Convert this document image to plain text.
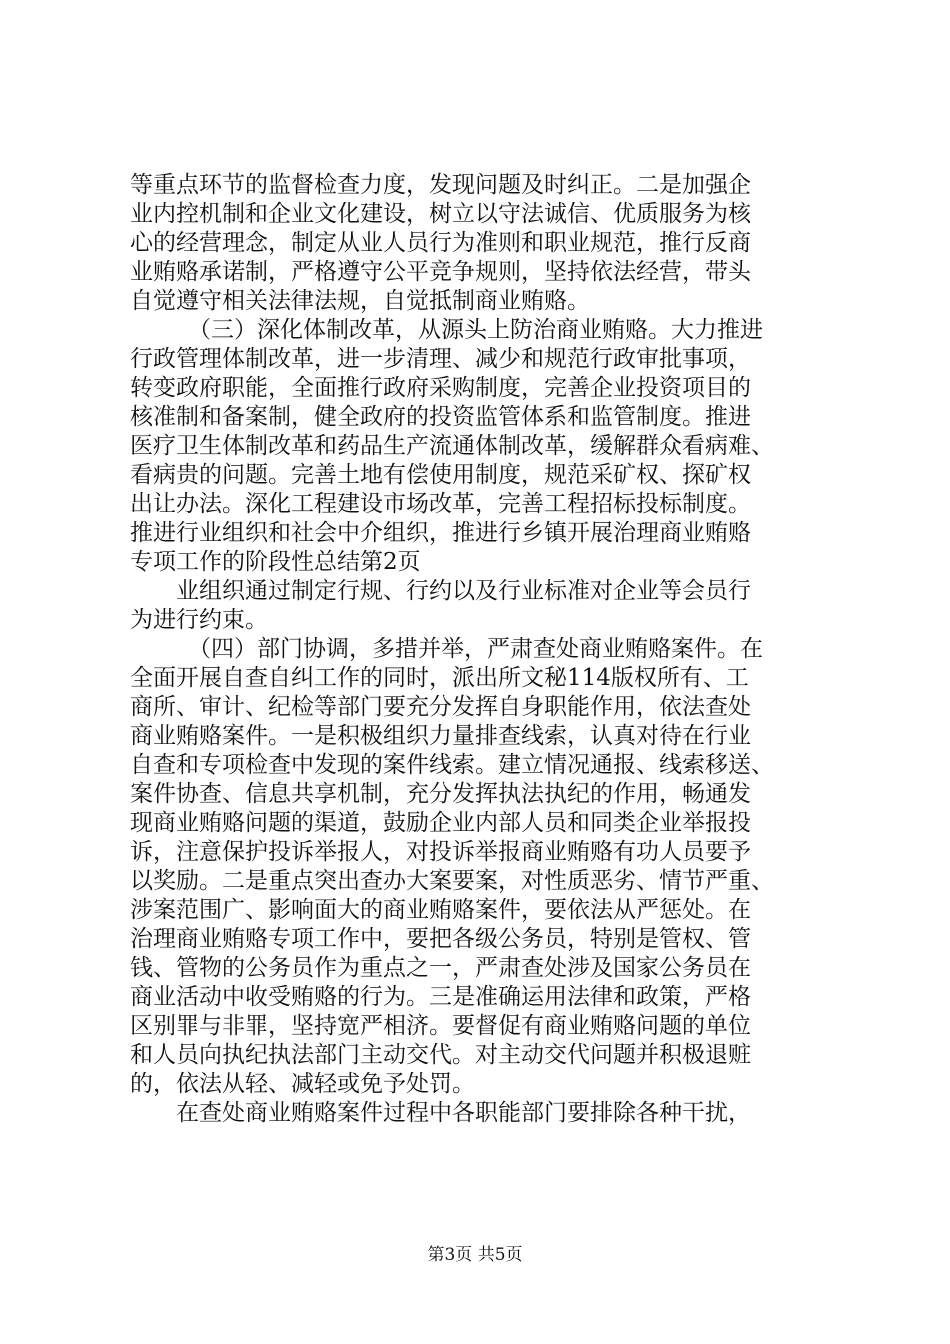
等重点环节的监督检查力度，发现问题及时纠正。二是加强企
业内控机制和企业文化建设，树立以守法诚信、优质服务为核
心的经营理念，制定从业人员行为准则和职业规范，推行反商
业贿赂承诺制，严格遵守公平竞争规则，坚持依法经营，带头
自觉遵守相关法律法规，自觉抵制商业贿赂。
（三）深化体制改革，从源头上防治商业贿赂。大力推进
行政管理体制改革，进一步清理、减少和规范行政审批事项，
转变政府职能，全面推行政府采购制度，完善企业投资项目的
核准制和备案制，健全政府的投资监管体系和监管制度。推进
医疗卫生体制改革和药品生产流通体制改革，缓解群众看病难、
看病贵的问题。完善土地有偿使用制度，规范采矿权、探矿权
出让办法。深化工程建设市场改革，完善工程招标投标制度。
推进行业组织和社会中介组织，推进行乡镇开展治理商业贿赂
专项工作的阶段性总结第2页
业组织通过制定行规、行约以及行业标准对企业等会员行
为进行约束。
（四）部门协调，多措并举，严肃查处商业贿赂案件。在
全面开展自查自纠工作的同时，派出所文秘114版权所有、工
商所、审计、纪检等部门要充分发挥自身职能作用，依法查处
商业贿赂案件。一是积极组织力量排查线索，认真对待在行业
自查和专项检查中发现的案件线索。建立情况通报、线索移送、
案件协查、信息共享机制，充分发挥执法执纪的作用，畅通发
现商业贿赂问题的渠道，鼓励企业内部人员和同类企业举报投
诉，注意保护投诉举报人，对投诉举报商业贿赂有功人员要予
以奖励。二是重点突出查办大案要案，对性质恶劣、情节严重、
涉案范围广、影响面大的商业贿赂案件，要依法从严惩处。在
治理商业贿赂专项工作中，要把各级公务员，特别是管权、管
钱、管物的公务员作为重点之一，严肃查处涉及国家公务员在
商业活动中收受贿赂的行为。三是准确运用法律和政策，严格
区别罪与非罪，坚持宽严相济。要督促有商业贿赂问题的单位
和人员向执纪执法部门主动交代。对主动交代问题并积极退赃
的，依法从轻、减轻或免予处罚。
在查处商业贿赂案件过程中各职能部门要排除各种干扰，
第3页 共5页
